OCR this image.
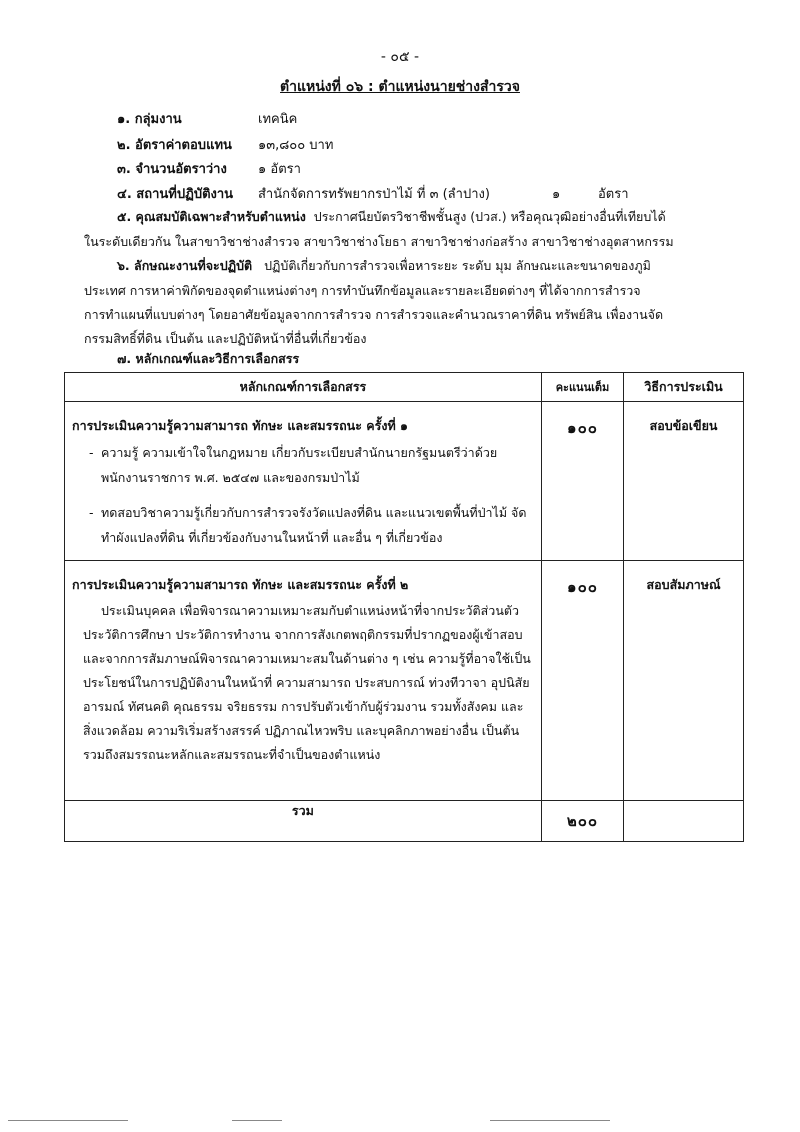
- ๐๕ -
ตำแหน่งที่ ๐๖ : ตำแหน่งนายช่างสำรวจ
๑. กลุ่มงาน	เทคนิค
๒. อัตราค่าตอบแทน ๑๓,๘๐๐ บาท
๓. จำนวนอัตราว่าง ๑ อัตรา
๔. สถานที่ปฏิบัติงาน สำนักจัดการทรัพยากรป่าไม้ ที่ ๓ (ลำปาง)	๑	อัตรา
๕. คุณสมบัติเฉพาะสำหรับตำแหน่ง ประกาศนียบัตรวิชาชีพชั้นสูง (ปวส.) หรือคุณวุฒิอย่างอื่นที่เทียบได้
ในระดับเดียวกัน ในสาขาวิชาช่างสำรวจ สาขาวิชาช่างโยธา สาขาวิชาช่างก่อสร้าง สาขาวิชาช่างอุตสาหกรรม
๖. ลักษณะงานที่จะปฏิบัติ ปฏิบัติเกี่ยวกับการสำรวจเพื่อหาระยะ ระดับ มุม ลักษณะและขนาดของภูมิ
ประเทศ การหาค่าพิกัดของจุดตำแหน่งต่างๆ การทำบันทึกข้อมูลและรายละเอียดต่างๆ ที่ได้จากการสำรวจ
การทำแผนที่แบบต่างๆ โดยอาศัยข้อมูลจากการสำรวจ การสำรวจและคำนวณราคาที่ดิน ทรัพย์สิน เพื่องานจัด
กรรมสิทธิ์ที่ดิน เป็นต้น และปฏิบัติหน้าที่อื่นที่เกี่ยวข้อง
๗. หลักเกณฑ์และวิธีการเลือกสรร
หลักเกณฑ์การเลือกสรร	คะแนนเต็ม	วิธีการประเมิน

การประเมินความรู้ความสามารถ ทักษะ และสมรรถนะ ครั้งที่ ๑
- ความรู้ ความเข้าใจในกฎหมาย เกี่ยวกับระเบียบสำนักนายกรัฐมนตรีว่าด้วยพนักงานราชการ พ.ศ. ๒๕๔๗ และของกรมป่าไม้
- ทดสอบวิชาความรู้เกี่ยวกับการสำรวจรังวัดแปลงที่ดิน และแนวเขตพื้นที่ป่าไม้ จัดทำผังแปลงที่ดิน ที่เกี่ยวข้องกับงานในหน้าที่ และอื่น ๆ ที่เกี่ยวข้อง	๑๐๐	สอบข้อเขียน

การประเมินความรู้ความสามารถ ทักษะ และสมรรถนะ ครั้งที่ ๒
ประเมินบุคคล เพื่อพิจารณาความเหมาะสมกับตำแหน่งหน้าที่จากประวัติส่วนตัว ประวัติการศึกษา ประวัติการทำงาน จากการสังเกตพฤติกรรมที่ปรากฏของผู้เข้าสอบและจากการสัมภาษณ์พิจารณาความเหมาะสมในด้านต่าง ๆ เช่น ความรู้ที่อาจใช้เป็นประโยชน์ในการปฏิบัติงานในหน้าที่ ความสามารถ ประสบการณ์ ท่วงทีวาจา อุปนิสัย อารมณ์ ทัศนคติ คุณธรรม จริยธรรม การปรับตัวเข้ากับผู้ร่วมงาน รวมทั้งสังคม และสิ่งแวดล้อม ความริเริ่มสร้างสรรค์ ปฏิภาณไหวพริบ และบุคลิกภาพอย่างอื่น เป็นต้น รวมถึงสมรรถนะหลักและสมรรถนะที่จำเป็นของตำแหน่ง	๑๐๐	สอบสัมภาษณ์
รวม	๒๐๐	
